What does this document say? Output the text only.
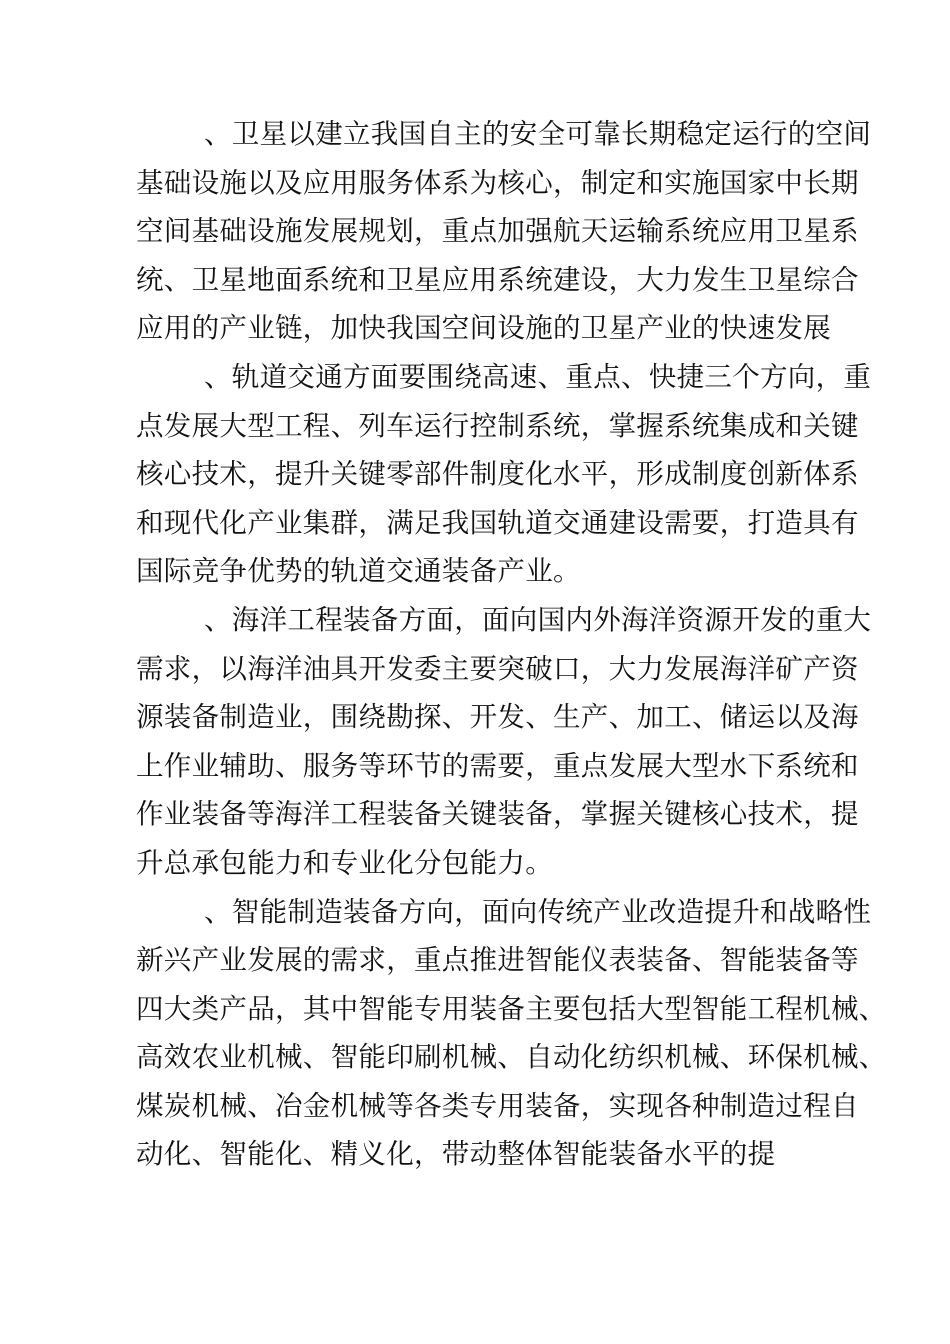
、卫星以建立我国自主的安全可靠长期稳定运行的空间
基础设施以及应用服务体系为核心，制定和实施国家中长期
空间基础设施发展规划，重点加强航天运输系统应用卫星系
统、卫星地面系统和卫星应用系统建设，大力发生卫星综合
应用的产业链，加快我国空间设施的卫星产业的快速发展

、轨道交通方面要围绕高速、重点、快捷三个方向，重
点发展大型工程、列车运行控制系统，掌握系统集成和关键
核心技术，提升关键零部件制度化水平，形成制度创新体系
和现代化产业集群，满足我国轨道交通建设需要，打造具有
国际竞争优势的轨道交通装备产业。

、海洋工程装备方面，面向国内外海洋资源开发的重大
需求，以海洋油具开发委主要突破口，大力发展海洋矿产资
源装备制造业，围绕勘探、开发、生产、加工、储运以及海
上作业辅助、服务等环节的需要，重点发展大型水下系统和
作业装备等海洋工程装备关键装备，掌握关键核心技术，提
升总承包能力和专业化分包能力。

、智能制造装备方向，面向传统产业改造提升和战略性
新兴产业发展的需求，重点推进智能仪表装备、智能装备等
四大类产品，其中智能专用装备主要包括大型智能工程机械、
高效农业机械、智能印刷机械、自动化纺织机械、环保机械、
煤炭机械、冶金机械等各类专用装备，实现各种制造过程自
动化、智能化、精义化，带动整体智能装备水平的提
